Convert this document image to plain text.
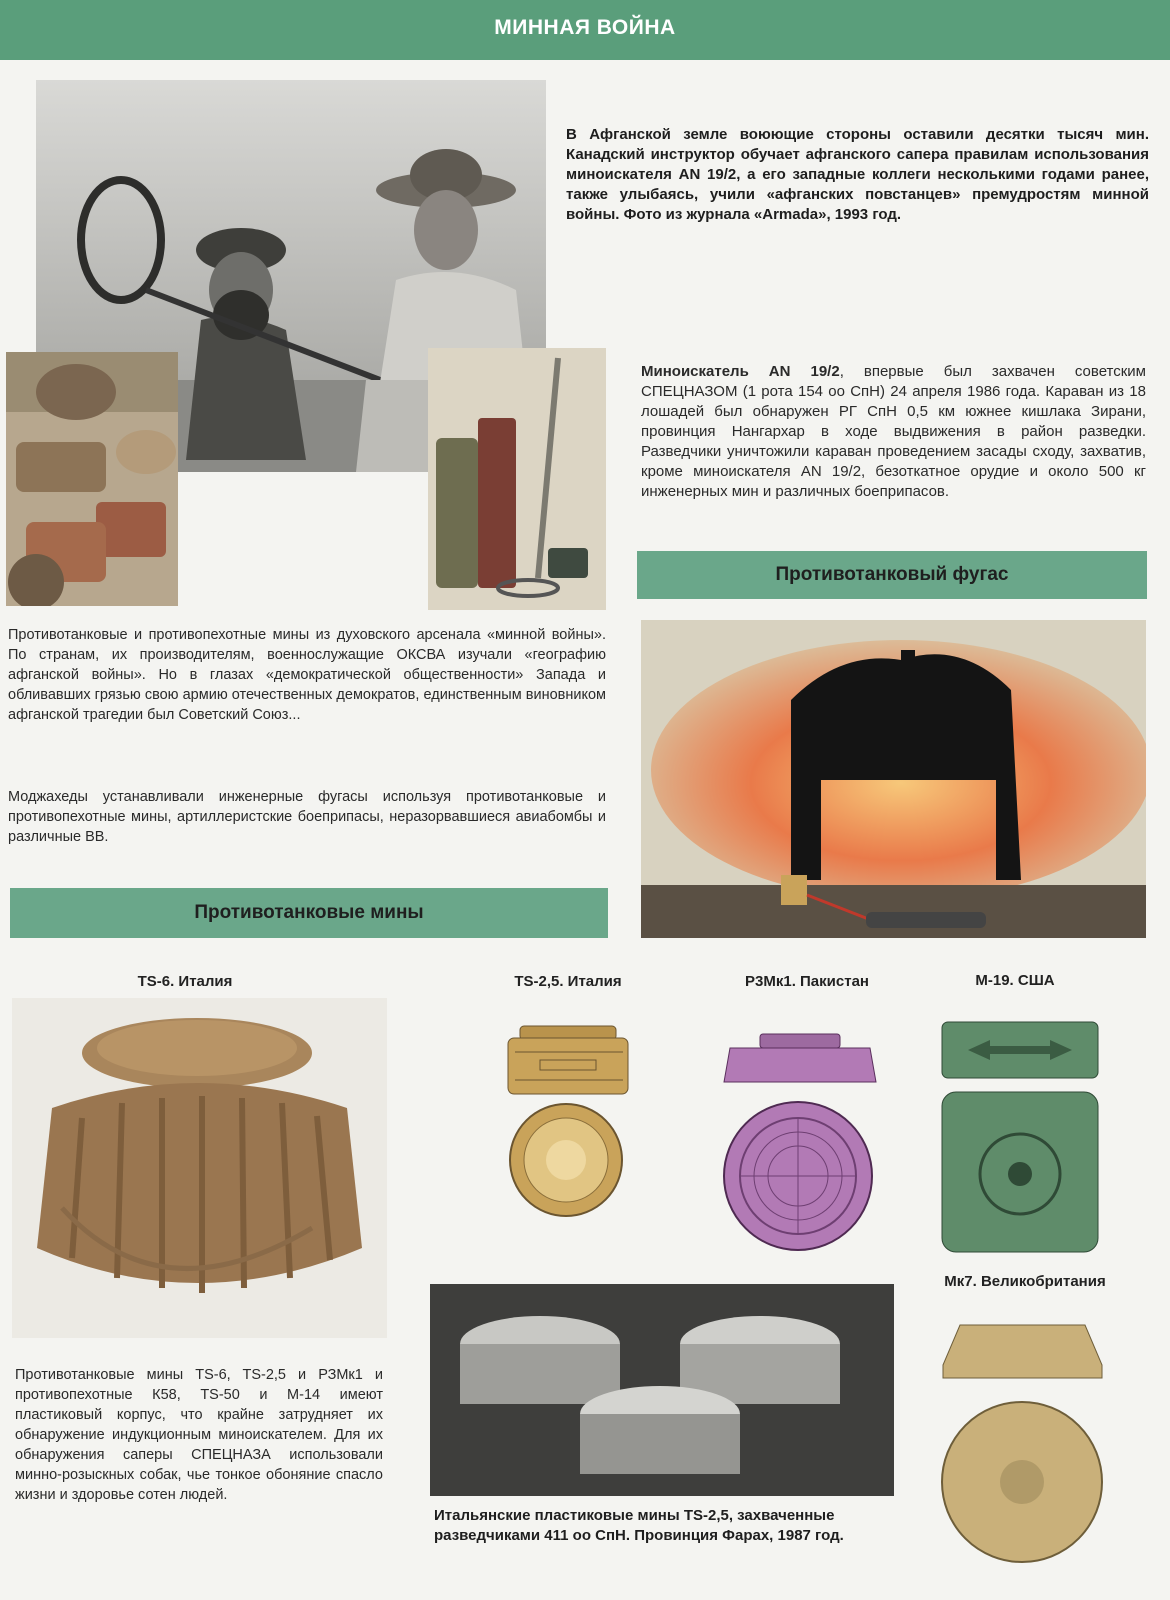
МИННАЯ ВОЙНА
В Афганской земле воюющие стороны оставили десятки тысяч мин. Канадский инструктор обучает афганского сапера правилам использования миноискателя AN 19/2, а его западные коллеги несколькими годами ранее, также улыбаясь, учили «афганских повстанцев» премудростям минной войны. Фото из журнала «Armada», 1993 год.
Миноискатель AN 19/2, впервые был захвачен советским СПЕЦНАЗОМ (1 рота 154 оо СпН) 24 апреля 1986 года. Караван из 18 лошадей был обнаружен РГ СпН 0,5 км южнее кишлака Зирани, провинция Нангархар в ходе выдвижения в район разведки. Разведчики уничтожили караван проведением засады сходу, захватив, кроме миноискателя AN 19/2, безоткатное орудие и около 500 кг инженерных мин и различных боеприпасов.
Противотанковый фугас
Противотанковые и противопехотные мины из духовского арсенала «минной войны». По странам, их производителям, военнослужащие ОКСВА изучали «географию афганской войны». Но в глазах «демократической общественности» Запада и обливавших грязью свою армию отечественных демократов, единственным виновником афганской трагедии был Советский Союз...
Моджахеды устанавливали инженерные фугасы используя противотанковые и противопехотные мины, артиллеристские боеприпасы, неразорвавшиеся авиабомбы и различные ВВ.
Противотанковые мины
TS-6. Италия	TS-2,5. Италия	Р3Мк1. Пакистан	М-19. США
Мк7. Великобритания
Итальянские пластиковые мины TS-2,5, захваченные разведчиками 411 оо СпН. Провинция Фарах, 1987 год.
Противотанковые мины TS-6, TS-2,5 и РЗМк1 и противопехотные К58, TS-50 и М-14 имеют пластиковый корпус, что крайне затрудняет их обнаружение индукционным миноискателем. Для их обнаружения саперы СПЕЦНАЗА использовали минно-розыскных собак, чье тонкое обоняние спасло жизни и здоровье сотен людей.
